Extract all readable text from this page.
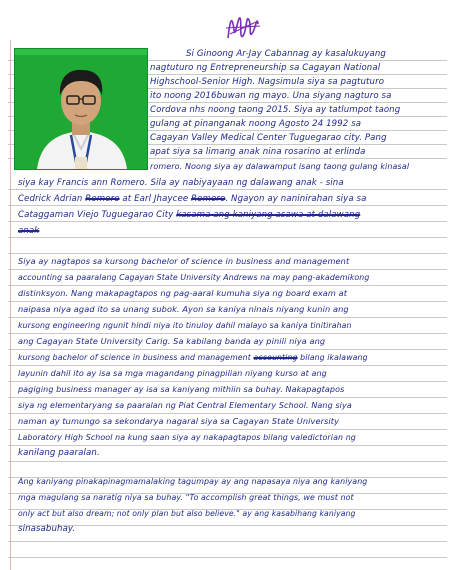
Si Ginoong Ar-Jay Cabannag ay kasalukuyang
nagtuturo ng Entrepreneurship sa Cagayan National
Highschool-Senior High. Nagsimula siya sa pagtuturo
ito noong 2016buwan ng mayo. Una siyang nagturo sa
Cordova nhs noong taong 2015. Siya ay tatlumpot taong
gulang at pinanganak noong Agosto 24 1992 sa
Cagayan Valley Medical Center Tuguegarao city. Pang
apat siya sa limang anak nina rosarino at erlinda
romero. Noong siya ay dalawamput isang taong gulang kinasal
siya kay Francis ann Romero. Sila ay nabiyayaan ng dalawang anak - sina
Cedrick Adrian Romero at Earl Jhaycee Romero. Ngayon ay naninirahan siya sa
Cataggaman Viejo Tuguegarao City kasama ang kaniyang asawa at dalawang
anak
Siya ay nagtapos sa kursong bachelor of science in business and management
accounting sa paaralang Cagayan State University Andrews na may pang-akademikong
distinksyon. Nang makapagtapos ng pag-aaral kumuha siya ng board exam at
naipasa niya agad ito sa unang subok. Ayon sa kaniya ninais niyang kunin ang
kursong engineering ngunit hindi niya ito tinuloy dahil malayo sa kaniya tinitirahan
ang Cagayan State University Carig. Sa kabilang banda ay pinili niya ang
kursong bachelor of science in business and management accounting bilang ikalawang
layunin dahil ito ay isa sa mga magandang pinagpilian niyang kurso at ang
pagiging business manager ay isa sa kaniyang mithiin sa buhay. Nakapagtapos
siya ng elementaryang sa paaralan ng Piat Central Elementary School. Nang siya
naman ay tumungo sa sekondarya nagaral siya sa Cagayan State University
Laboratory High School na kung saan siya ay nakapagtapos bilang valedictorian ng
kanilang paaralan.
Ang kaniyang pinakapinagmamalaking tagumpay ay ang napasaya niya ang kaniyang
mga magulang sa naratig niya sa buhay. "To accomplish great things, we must not
only act but also dream; not only plan but also believe." ay ang kasabihang kaniyang
sinasabuhay.
